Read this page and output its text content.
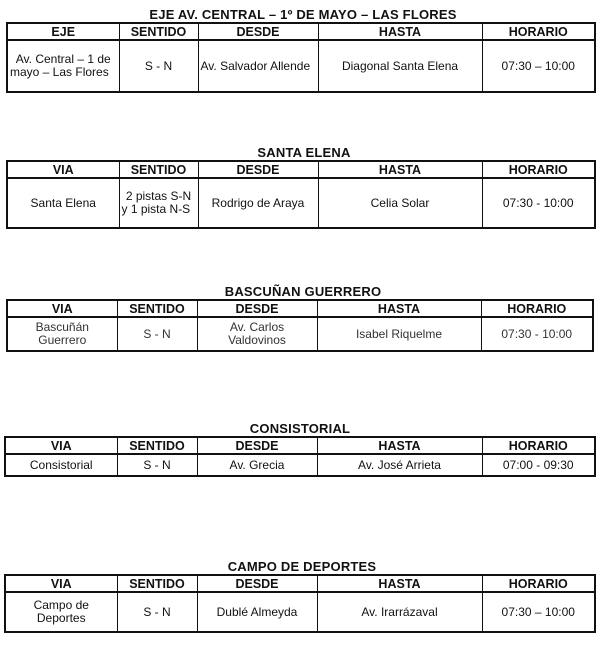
EJE AV. CENTRAL – 1º DE MAYO – LAS FLORES
EJE	SENTIDO	DESDE	HASTA	HORARIO
Av. Central – 1 de mayo – Las Flores	S - N	Av. Salvador Allende	Diagonal Santa Elena	07:30 – 10:00
SANTA ELENA
VIA	SENTIDO	DESDE	HASTA	HORARIO
Santa Elena	2 pistas S-N y 1 pista N-S	Rodrigo de Araya	Celia Solar	07:30 - 10:00
BASCUÑAN GUERRERO
VIA	SENTIDO	DESDE	HASTA	HORARIO
Bascuñán Guerrero	S - N	Av. Carlos Valdovinos	Isabel Riquelme	07:30 - 10:00
CONSISTORIAL
VIA	SENTIDO	DESDE	HASTA	HORARIO
Consistorial	S - N	Av. Grecia	Av. José Arrieta	07:00 - 09:30
CAMPO DE DEPORTES
VIA	SENTIDO	DESDE	HASTA	HORARIO
Campo de Deportes	S - N	Dublé Almeyda	Av. Irarrázaval	07:30 – 10:00
